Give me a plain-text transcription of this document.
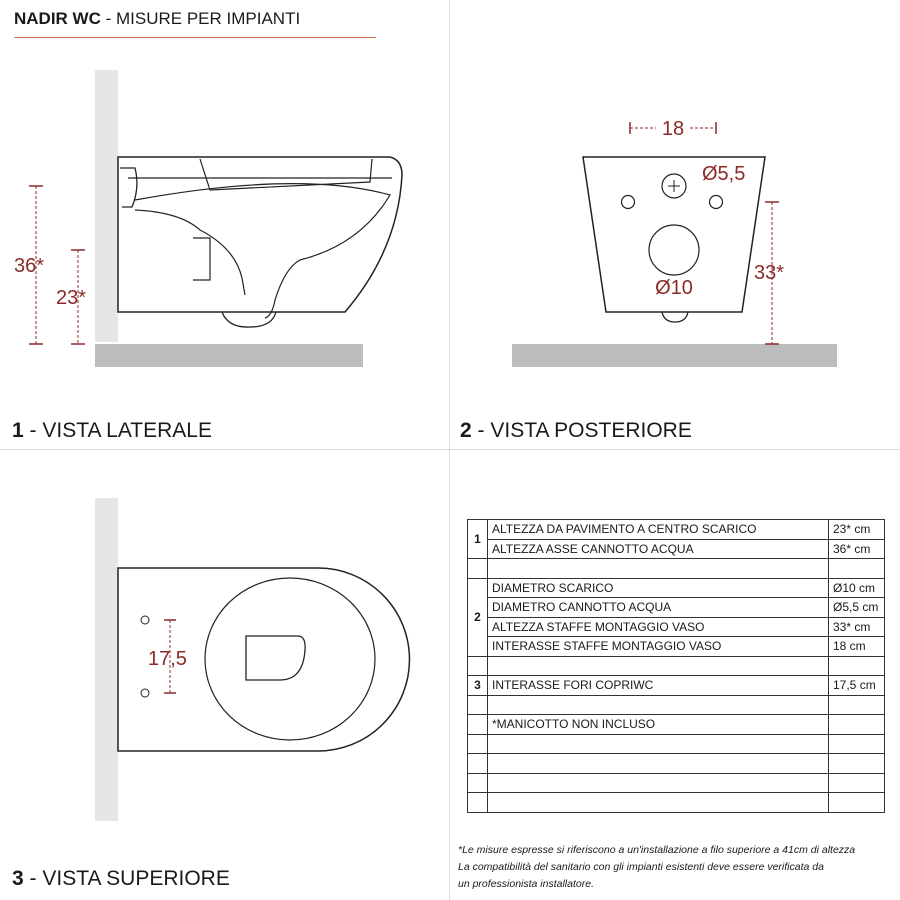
NADIR WC - MISURE PER IMPIANTI
36*
23*
18
Ø5,5
Ø10
33*
17,5
1 - VISTA LATERALE	2 - VISTA POSTERIORE
3 - VISTA SUPERIORE
1	ALTEZZA DA PAVIMENTO A CENTRO SCARICO	23* cm
	ALTEZZA ASSE CANNOTTO ACQUA	36* cm

2	DIAMETRO SCARICO	Ø10 cm
	DIAMETRO CANNOTTO ACQUA	Ø5,5 cm
	ALTEZZA STAFFE MONTAGGIO VASO	33* cm
	INTERASSE STAFFE MONTAGGIO VASO	18 cm

3	INTERASSE FORI COPRIWC	17,5 cm

	*MANICOTTO NON INCLUSO	

*Le misure espresse si riferiscono a un'installazione a filo superiore a 41cm di altezza
La compatibilità del sanitario con gli impianti esistenti deve essere verificata da
un professionista installatore.
